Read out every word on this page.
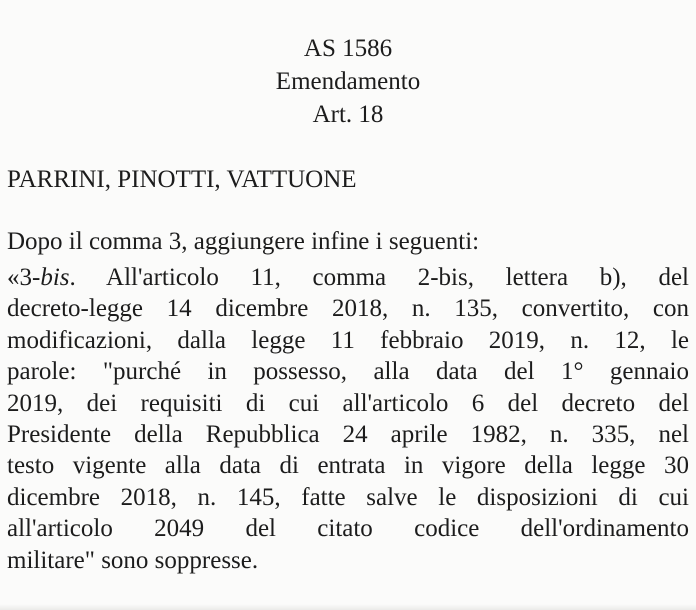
AS 1586
Emendamento
Art. 18
PARRINI, PINOTTI, VATTUONE
Dopo il comma 3, aggiungere infine i seguenti:
«3-bis. All'articolo 11, comma 2-bis, lettera b), del
decreto-legge 14 dicembre 2018, n. 135, convertito, con
modificazioni, dalla legge 11 febbraio 2019, n. 12, le
parole: "purché in possesso, alla data del 1° gennaio
2019, dei requisiti di cui all'articolo 6 del decreto del
Presidente della Repubblica 24 aprile 1982, n. 335, nel
testo vigente alla data di entrata in vigore della legge 30
dicembre 2018, n. 145, fatte salve le disposizioni di cui
all'articolo 2049 del citato codice dell'ordinamento
militare" sono soppresse.
